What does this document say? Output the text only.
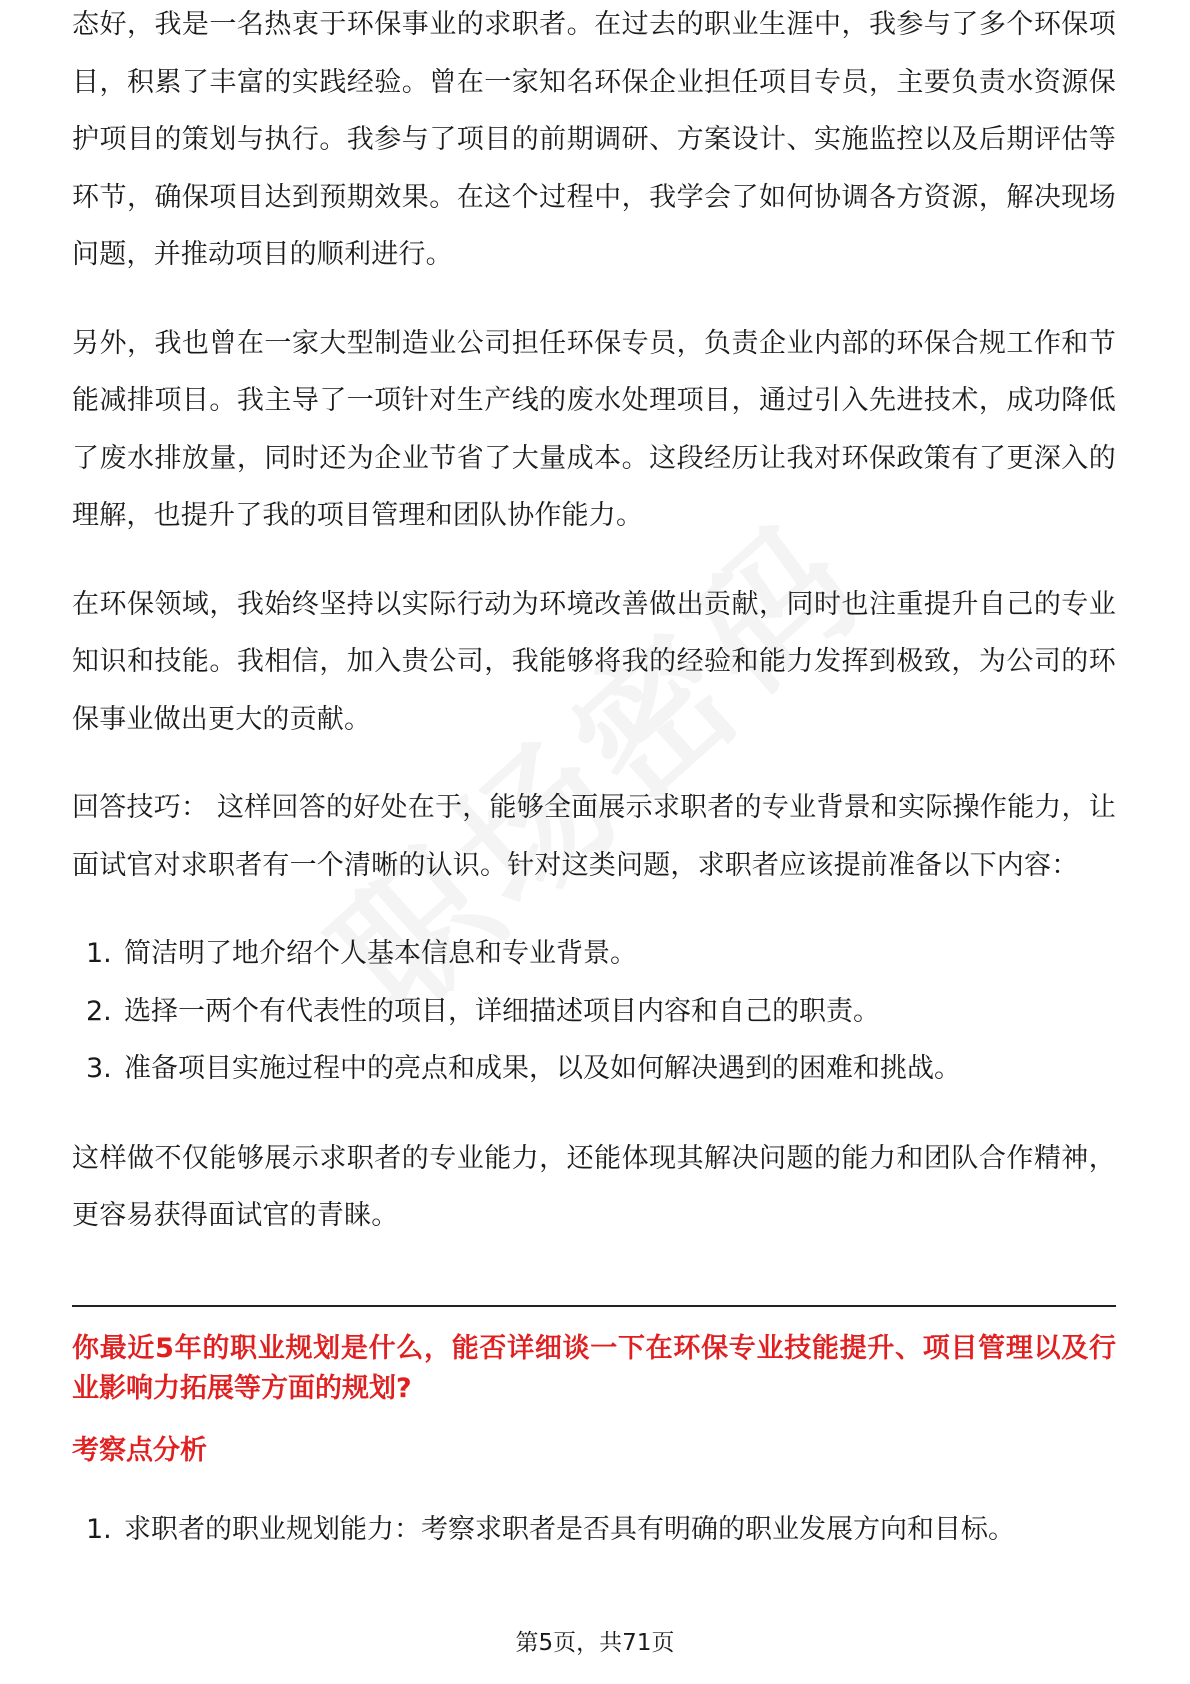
态好，我是一名热衷于环保事业的求职者。在过去的职业生涯中，我参与了多个环保项目，积累了丰富的实践经验。曾在一家知名环保企业担任项目专员，主要负责水资源保护项目的策划与执行。我参与了项目的前期调研、方案设计、实施监控以及后期评估等环节，确保项目达到预期效果。在这个过程中，我学会了如何协调各方资源，解决现场问题，并推动项目的顺利进行。

另外，我也曾在一家大型制造业公司担任环保专员，负责企业内部的环保合规工作和节能减排项目。我主导了一项针对生产线的废水处理项目，通过引入先进技术，成功降低了废水排放量，同时还为企业节省了大量成本。这段经历让我对环保政策有了更深入的理解，也提升了我的项目管理和团队协作能力。

在环保领域，我始终坚持以实际行动为环境改善做出贡献，同时也注重提升自己的专业知识和技能。我相信，加入贵公司，我能够将我的经验和能力发挥到极致，为公司的环保事业做出更大的贡献。

回答技巧： 这样回答的好处在于，能够全面展示求职者的专业背景和实际操作能力，让面试官对求职者有一个清晰的认识。针对这类问题，求职者应该提前准备以下内容：

1. 简洁明了地介绍个人基本信息和专业背景。
2. 选择一两个有代表性的项目，详细描述项目内容和自己的职责。
3. 准备项目实施过程中的亮点和成果，以及如何解决遇到的困难和挑战。

这样做不仅能够展示求职者的专业能力，还能体现其解决问题的能力和团队合作精神，更容易获得面试官的青睐。

你最近5年的职业规划是什么，能否详细谈一下在环保专业技能提升、项目管理以及行业影响力拓展等方面的规划?

考察点分析
1. 求职者的职业规划能力：考察求职者是否具有明确的职业发展方向和目标。
第5页，共71页
